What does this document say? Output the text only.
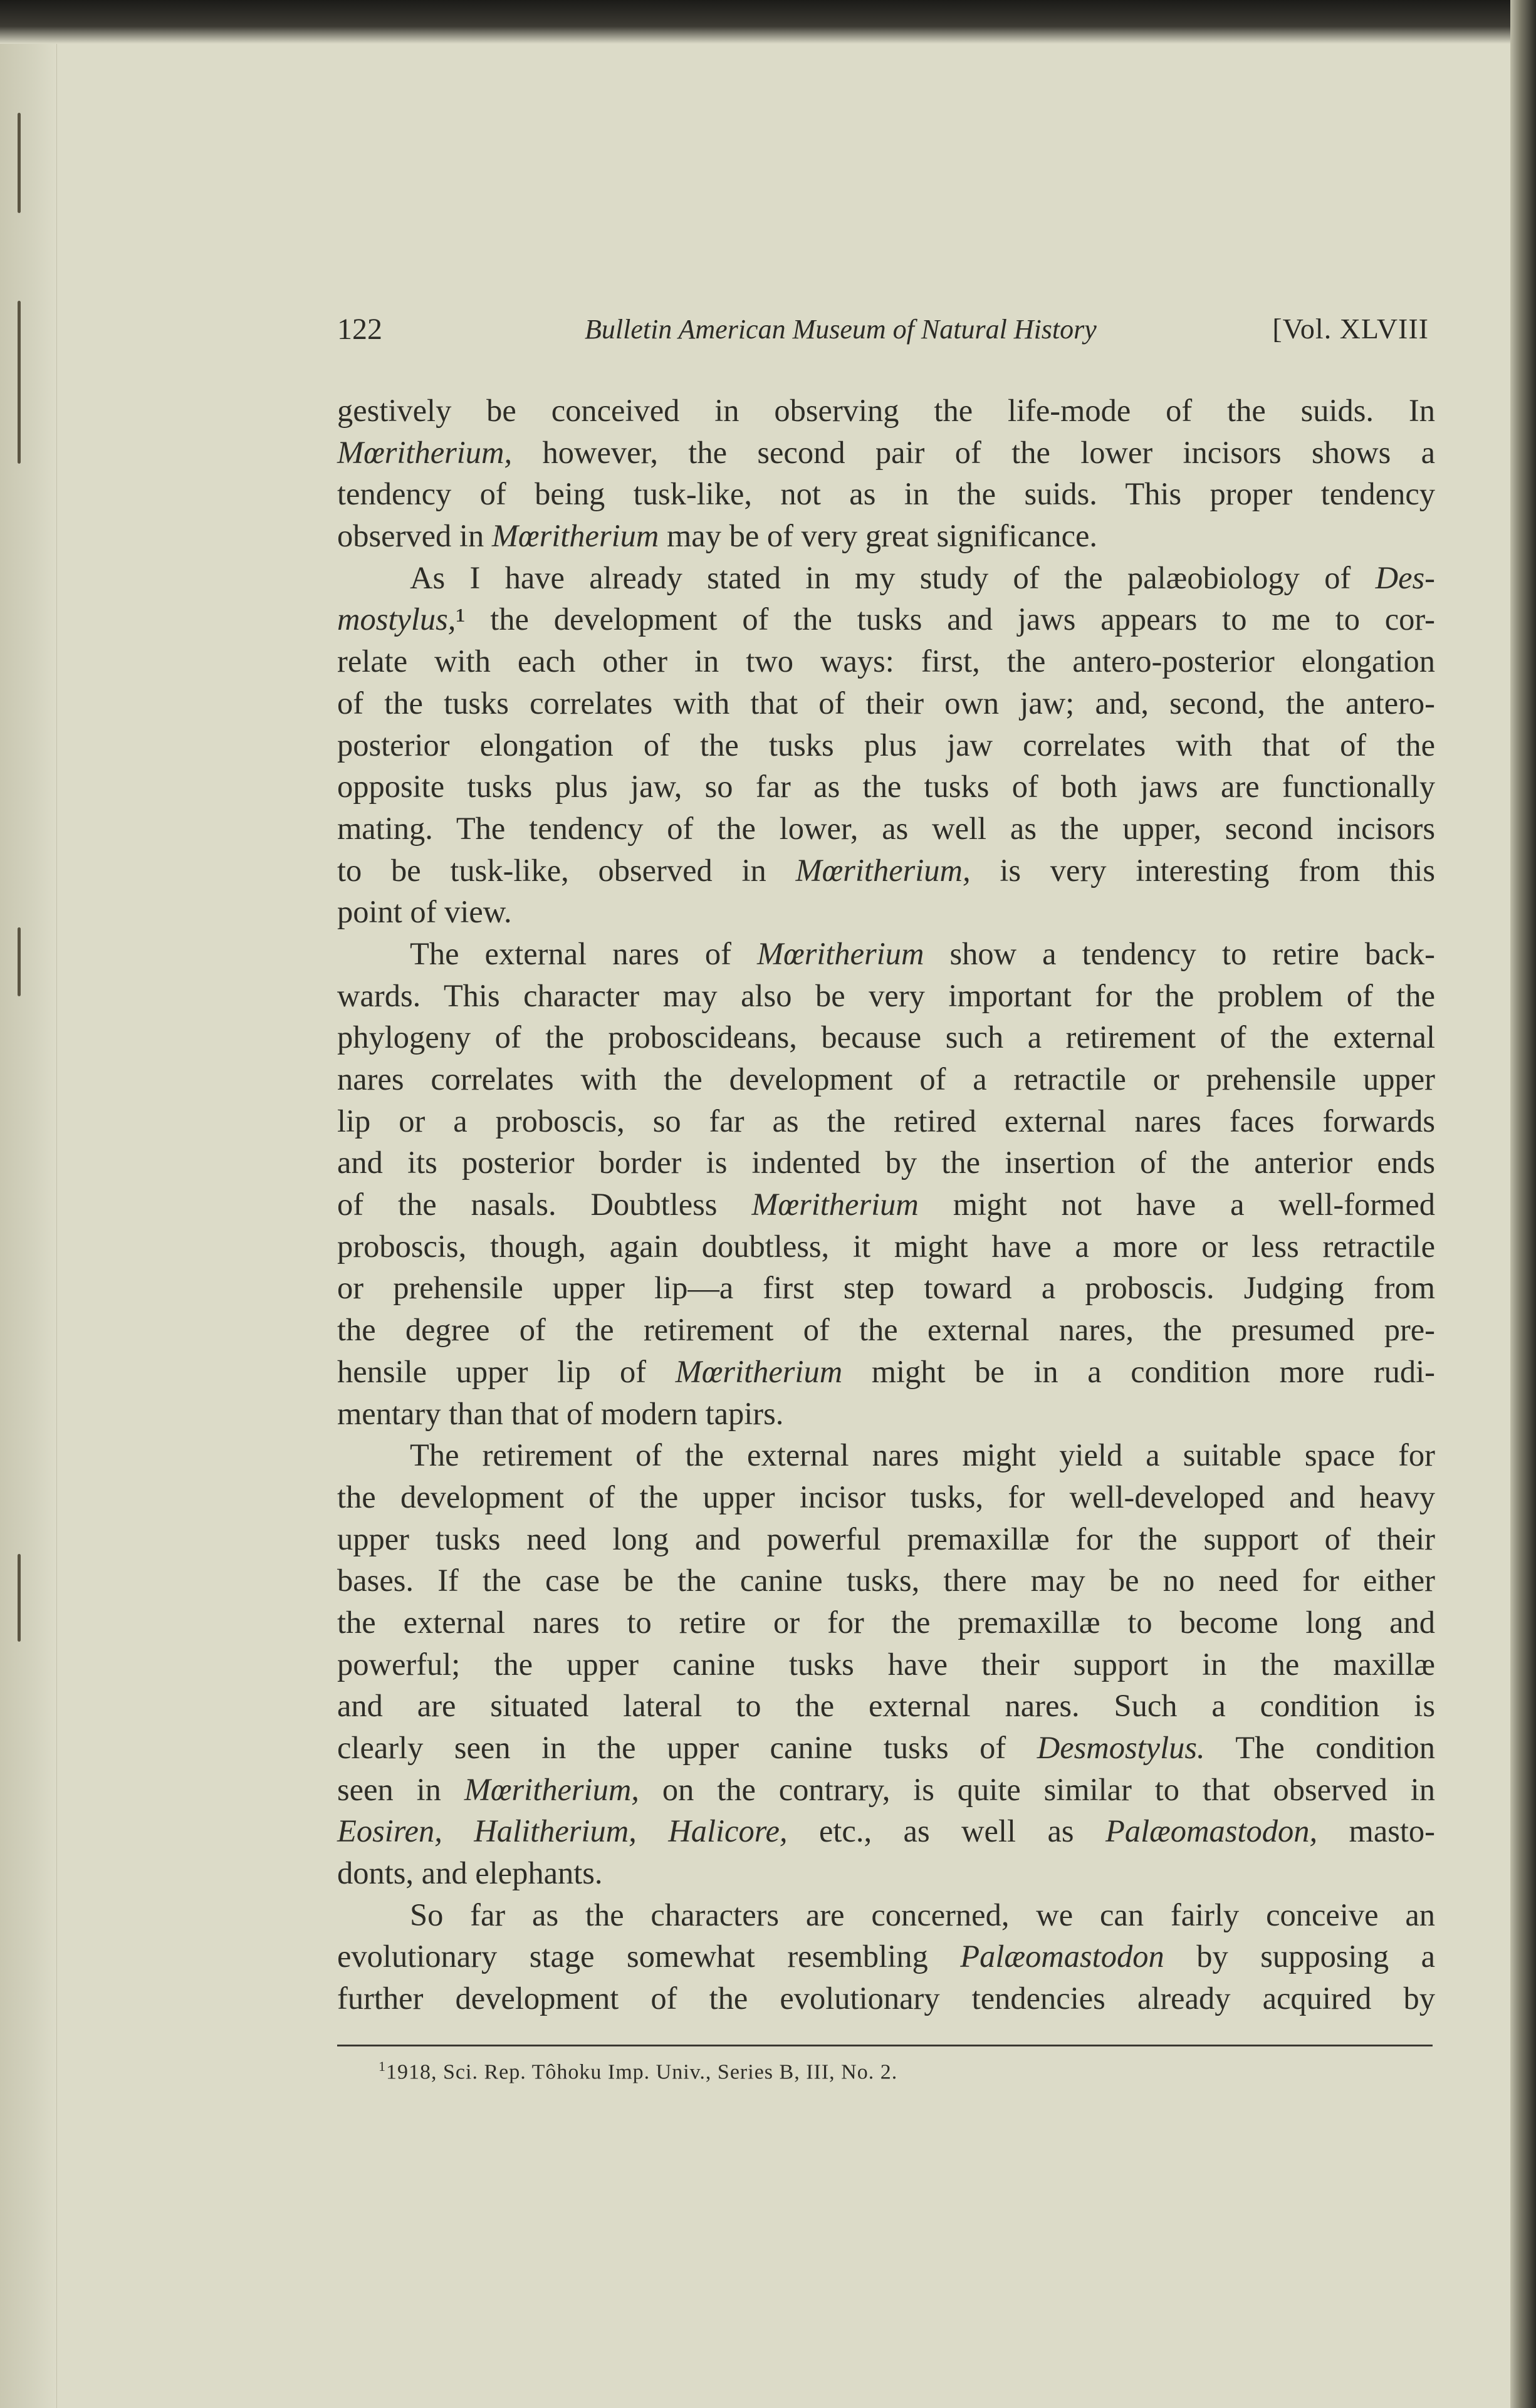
122	Bulletin American Museum of Natural History	[Vol. XLVIII
gestively be conceived in observing the life-mode of the suids. In
Mœritherium, however, the second pair of the lower incisors shows a
tendency of being tusk-like, not as in the suids. This proper tendency
observed in Mœritherium may be of very great significance.
As I have already stated in my study of the palæobiology of Des-
mostylus,¹ the development of the tusks and jaws appears to me to cor-
relate with each other in two ways: first, the antero-posterior elongation
of the tusks correlates with that of their own jaw; and, second, the antero-
posterior elongation of the tusks plus jaw correlates with that of the
opposite tusks plus jaw, so far as the tusks of both jaws are functionally
mating. The tendency of the lower, as well as the upper, second incisors
to be tusk-like, observed in Mœritherium, is very interesting from this
point of view.
The external nares of Mœritherium show a tendency to retire back-
wards. This character may also be very important for the problem of the
phylogeny of the proboscideans, because such a retirement of the external
nares correlates with the development of a retractile or prehensile upper
lip or a proboscis, so far as the retired external nares faces forwards
and its posterior border is indented by the insertion of the anterior ends
of the nasals. Doubtless Mœritherium might not have a well-formed
proboscis, though, again doubtless, it might have a more or less retractile
or prehensile upper lip—a first step toward a proboscis. Judging from
the degree of the retirement of the external nares, the presumed pre-
hensile upper lip of Mœritherium might be in a condition more rudi-
mentary than that of modern tapirs.
The retirement of the external nares might yield a suitable space for
the development of the upper incisor tusks, for well-developed and heavy
upper tusks need long and powerful premaxillæ for the support of their
bases. If the case be the canine tusks, there may be no need for either
the external nares to retire or for the premaxillæ to become long and
powerful; the upper canine tusks have their support in the maxillæ
and are situated lateral to the external nares. Such a condition is
clearly seen in the upper canine tusks of Desmostylus. The condition
seen in Mœritherium, on the contrary, is quite similar to that observed in
Eosiren, Halitherium, Halicore, etc., as well as Palæomastodon, masto-
donts, and elephants.
So far as the characters are concerned, we can fairly conceive an
evolutionary stage somewhat resembling Palæomastodon by supposing a
further development of the evolutionary tendencies already acquired by
$^1$1918, Sci. Rep. Tôhoku Imp. Univ., Series B, III, No. 2.
